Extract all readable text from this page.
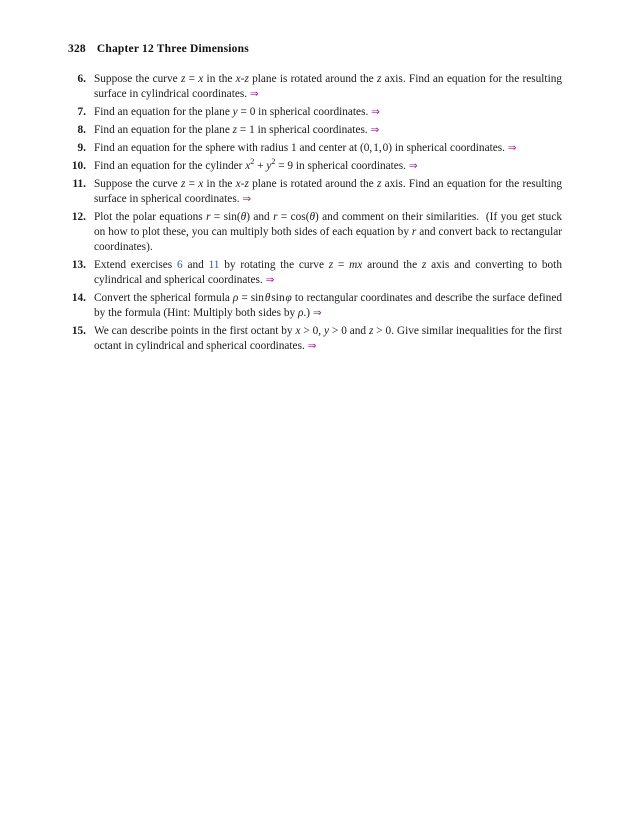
328 Chapter 12 Three Dimensions
6. Suppose the curve z = x in the x-z plane is rotated around the z axis. Find an equation for the resulting surface in cylindrical coordinates. ⇒
7. Find an equation for the plane y = 0 in spherical coordinates. ⇒
8. Find an equation for the plane z = 1 in spherical coordinates. ⇒
9. Find an equation for the sphere with radius 1 and center at (0, 1, 0) in spherical coordinates. ⇒
10. Find an equation for the cylinder $x^2 + y^2 = 9$ in spherical coordinates. ⇒
11. Suppose the curve z = x in the x-z plane is rotated around the z axis. Find an equation for the resulting surface in spherical coordinates. ⇒
12. Plot the polar equations r = sin(θ) and r = cos(θ) and comment on their similarities.  (If you get stuck on how to plot these, you can multiply both sides of each equation by r and convert back to rectangular coordinates).
13. Extend exercises 6 and 11 by rotating the curve z = mx around the z axis and converting to both cylindrical and spherical coordinates. ⇒
14. Convert the spherical formula ρ = sin θ sin φ to rectangular coordinates and describe the surface defined by the formula (Hint: Multiply both sides by ρ.) ⇒
15. We can describe points in the first octant by x > 0, y > 0 and z > 0. Give similar inequalities for the first octant in cylindrical and spherical coordinates. ⇒
